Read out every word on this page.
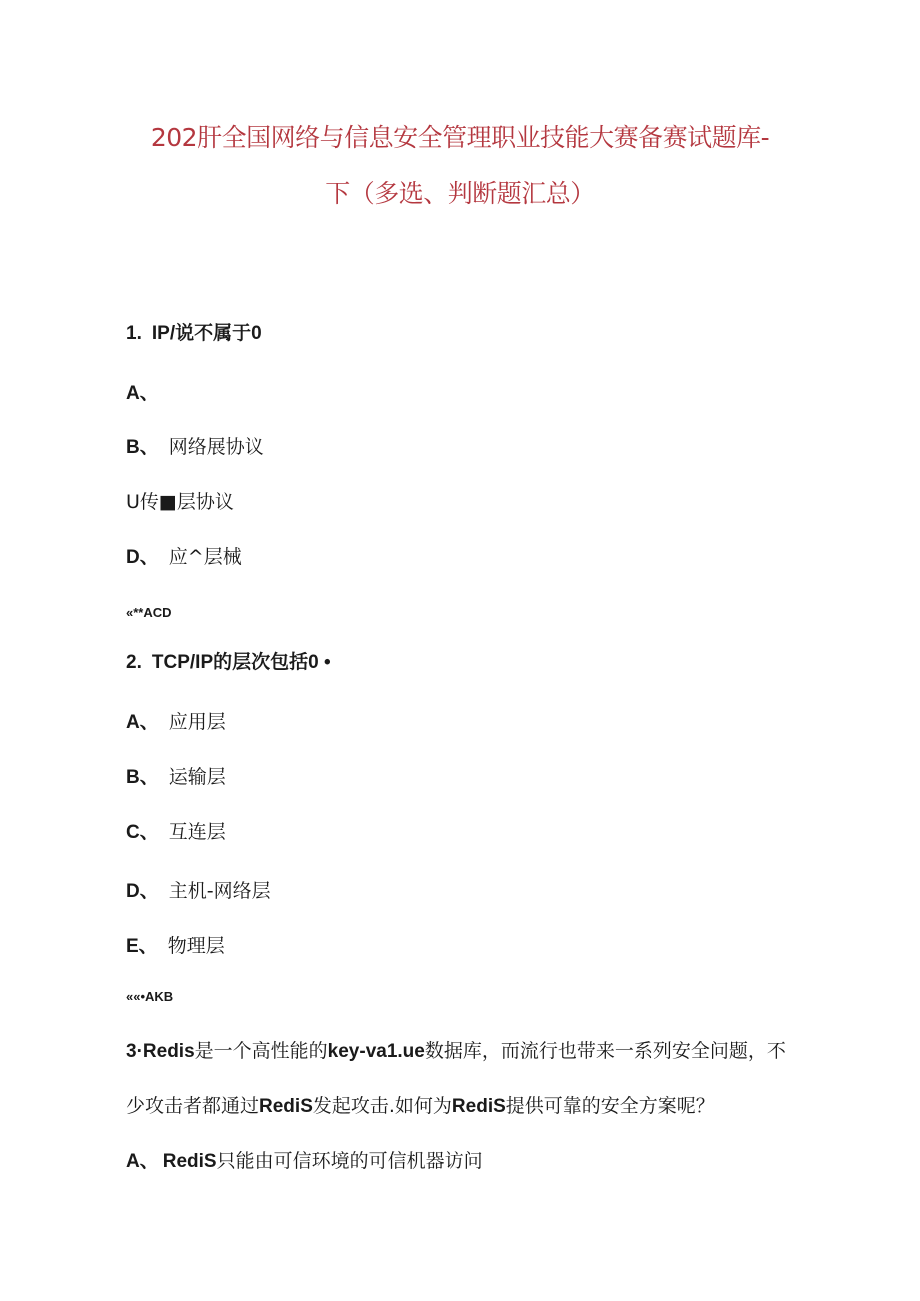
202肝全国网络与信息安全管理职业技能大赛备赛试题库-
下（多选、判断题汇总）
1. IP/说不属于0
A、
B、 网络展协议
U传■层协议
D、 应^层械
«**ACD
2. TCP/IP的层次包括0 •
A、 应用层
B、 运输层
C、 互连层
D、 主机-网络层
E、 物理层
««•AKB
3·Redis是一个高性能的key-va1.ue数据库，而流行也带来一系列安全问题，不
少攻击者都通过RediS发起攻击.如何为RediS提供可靠的安全方案呢？
A、 RediS只能由可信环境的可信机器访问
